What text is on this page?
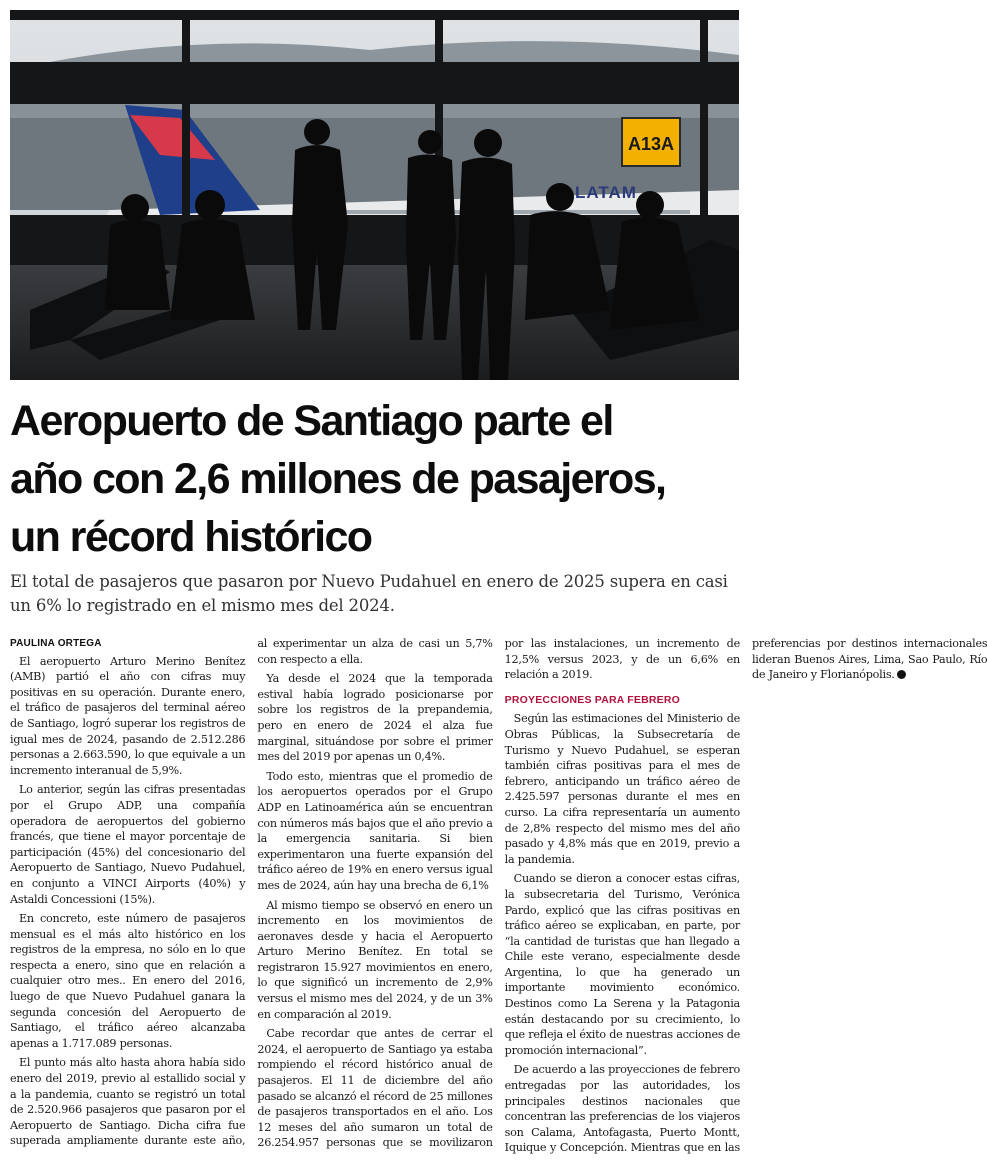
LATAM
A13A
Aeropuerto de Santiago parte el
año con 2,6 millones de pasajeros,
un récord histórico

El total de pasajeros que pasaron por Nuevo Pudahuel en enero de 2025 supera en casi un 6% lo registrado en el mismo mes del 2024.

PAULINA ORTEGA

El aeropuerto Arturo Merino Benítez (AMB) partió el año con cifras muy positivas en su operación. Durante enero, el tráfico de pasajeros del terminal aéreo de Santiago, logró superar los registros de igual mes de 2024, pasando de 2.512.286 personas a 2.663.590, lo que equivale a un incremento interanual de 5,9%.

Lo anterior, según las cifras presentadas por el Grupo ADP, una compañía operadora de aeropuertos del gobierno francés, que tiene el mayor porcentaje de participación (45%) del concesionario del Aeropuerto de Santiago, Nuevo Pudahuel, en conjunto a VINCI Airports (40%) y Astaldi Concessioni (15%).

En concreto, este número de pasajeros mensual es el más alto histórico en los registros de la empresa, no sólo en lo que respecta a enero, sino que en relación a cualquier otro mes.. En enero del 2016, luego de que Nuevo Pudahuel ganara la segunda concesión del Aeropuerto de Santiago, el tráfico aéreo alcanzaba apenas a 1.717.089 personas.

El punto más alto hasta ahora había sido enero del 2019, previo al estallido social y a la pandemia, cuanto se registró un total de 2.520.966 pasajeros que pasaron por el Aeropuerto de Santiago. Dicha cifra fue superada ampliamente durante este año, al experimentar un alza de casi un 5,7% con respecto a ella.

Ya desde el 2024 que la temporada estival había logrado posicionarse por sobre los registros de la prepandemia, pero en enero de 2024 el alza fue marginal, situándose por sobre el primer mes del 2019 por apenas un 0,4%.

Todo esto, mientras que el promedio de los aeropuertos operados por el Grupo ADP en Latinoamérica aún se encuentran con números más bajos que el año previo a la emergencia sanitaria. Si bien experimentaron una fuerte expansión del tráfico aéreo de 19% en enero versus igual mes de 2024, aún hay una brecha de 6,1%

Al mismo tiempo se observó en enero un incremento en los movimientos de aeronaves desde y hacia el Aeropuerto Arturo Merino Benítez. En total se registraron 15.927 movimientos en enero, lo que significó un incremento de 2,9% versus el mismo mes del 2024, y de un 3% en comparación al 2019.

Cabe recordar que antes de cerrar el 2024, el aeropuerto de Santiago ya estaba rompiendo el récord histórico anual de pasajeros. El 11 de diciembre del año pasado se alcanzó el récord de 25 millones de pasajeros transportados en el año. Los 12 meses del año sumaron un total de 26.254.957 personas que se movilizaron por las instalaciones, un incremento de 12,5% versus 2023, y de un 6,6% en relación a 2019.

PROYECCIONES PARA FEBRERO

Según las estimaciones del Ministerio de Obras Públicas, la Subsecretaría de Turismo y Nuevo Pudahuel, se esperan también cifras positivas para el mes de febrero, anticipando un tráfico aéreo de 2.425.597 personas durante el mes en curso. La cifra representaría un aumento de 2,8% respecto del mismo mes del año pasado y 4,8% más que en 2019, previo a la pandemia.

Cuando se dieron a conocer estas cifras, la subsecretaria del Turismo, Verónica Pardo, explicó que las cifras positivas en tráfico aéreo se explicaban, en parte, por “la cantidad de turistas que han llegado a Chile este verano, especialmente desde Argentina, lo que ha generado un importante movimiento económico. Destinos como La Serena y la Patagonia están destacando por su crecimiento, lo que refleja el éxito de nuestras acciones de promoción internacional”.

De acuerdo a las proyecciones de febrero entregadas por las autoridades, los principales destinos nacionales que concentran las preferencias de los viajeros son Calama, Antofagasta, Puerto Montt, Iquique y Concepción. Mientras que en las preferencias por destinos internacionales lideran Buenos Aires, Lima, Sao Paulo, Río de Janeiro y Florianópolis.
